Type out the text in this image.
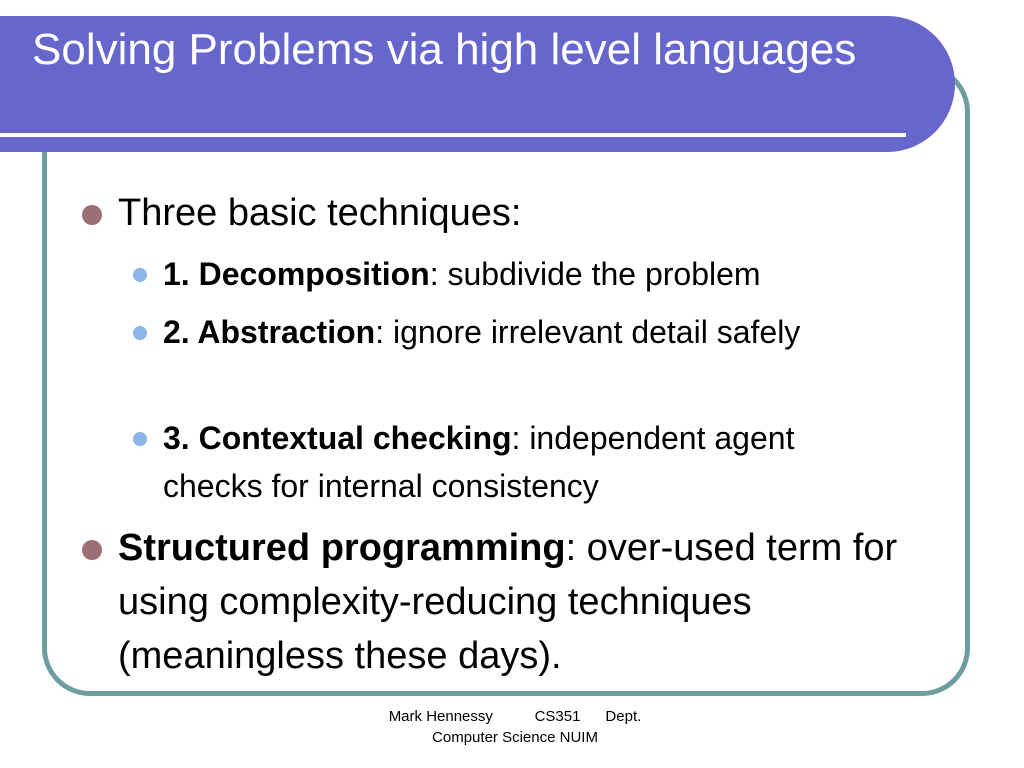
Solving Problems via high level languages
Three basic techniques:
1. Decomposition: subdivide the problem
2. Abstraction: ignore irrelevant detail safely
3. Contextual checking: independent agent checks for internal consistency
Structured programming: over-used term for using complexity-reducing techniques (meaningless these days).
Mark Hennessy          CS351      Dept.
Computer Science NUIM
